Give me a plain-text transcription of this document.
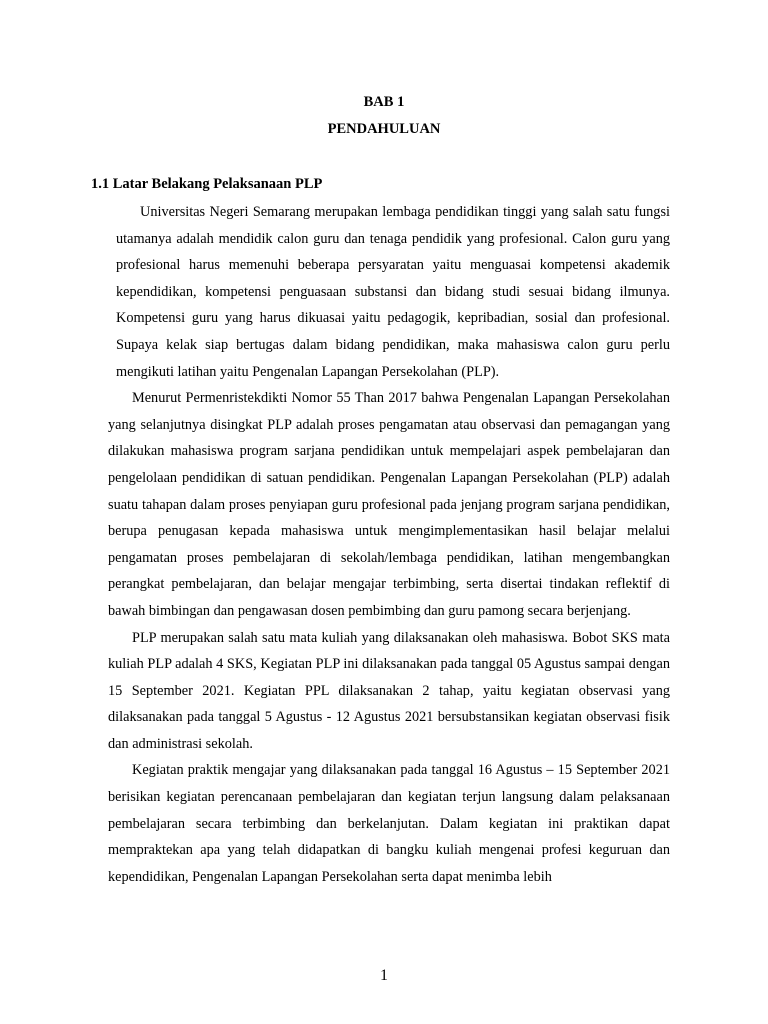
BAB 1
PENDAHULUAN
1.1 Latar Belakang Pelaksanaan PLP

Universitas Negeri Semarang merupakan lembaga pendidikan tinggi yang salah satu fungsi utamanya adalah mendidik calon guru dan tenaga pendidik yang profesional. Calon guru yang profesional harus memenuhi beberapa persyaratan yaitu menguasai kompetensi akademik kependidikan, kompetensi penguasaan substansi dan bidang studi sesuai bidang ilmunya. Kompetensi guru yang harus dikuasai yaitu pedagogik, kepribadian, sosial dan profesional. Supaya kelak siap bertugas dalam bidang pendidikan, maka mahasiswa calon guru perlu mengikuti latihan yaitu Pengenalan Lapangan Persekolahan (PLP).

Menurut Permenristekdikti Nomor 55 Than 2017 bahwa Pengenalan Lapangan Persekolahan yang selanjutnya disingkat PLP adalah proses pengamatan atau observasi dan pemagangan yang dilakukan mahasiswa program sarjana pendidikan untuk mempelajari aspek pembelajaran dan pengelolaan pendidikan di satuan pendidikan. Pengenalan Lapangan Persekolahan (PLP) adalah suatu tahapan dalam proses penyiapan guru profesional pada jenjang program sarjana pendidikan, berupa penugasan kepada mahasiswa untuk mengimplementasikan hasil belajar melalui pengamatan proses pembelajaran di sekolah/lembaga pendidikan, latihan mengembangkan perangkat pembelajaran, dan belajar mengajar terbimbing, serta disertai tindakan reflektif di bawah bimbingan dan pengawasan dosen pembimbing dan guru pamong secara berjenjang.

PLP merupakan salah satu mata kuliah yang dilaksanakan oleh mahasiswa. Bobot SKS mata kuliah PLP adalah 4 SKS, Kegiatan PLP ini dilaksanakan pada tanggal 05 Agustus sampai dengan 15 September 2021. Kegiatan PPL dilaksanakan 2 tahap, yaitu kegiatan observasi yang dilaksanakan pada tanggal 5 Agustus - 12 Agustus 2021 bersubstansikan kegiatan observasi fisik dan administrasi sekolah.

Kegiatan praktik mengajar yang dilaksanakan pada tanggal 16 Agustus – 15 September 2021 berisikan kegiatan perencanaan pembelajaran dan kegiatan terjun langsung dalam pelaksanaan pembelajaran secara terbimbing dan berkelanjutan. Dalam kegiatan ini praktikan dapat mempraktekan apa yang telah didapatkan di bangku kuliah mengenai profesi keguruan dan kependidikan, Pengenalan Lapangan Persekolahan serta dapat menimba lebih

1
